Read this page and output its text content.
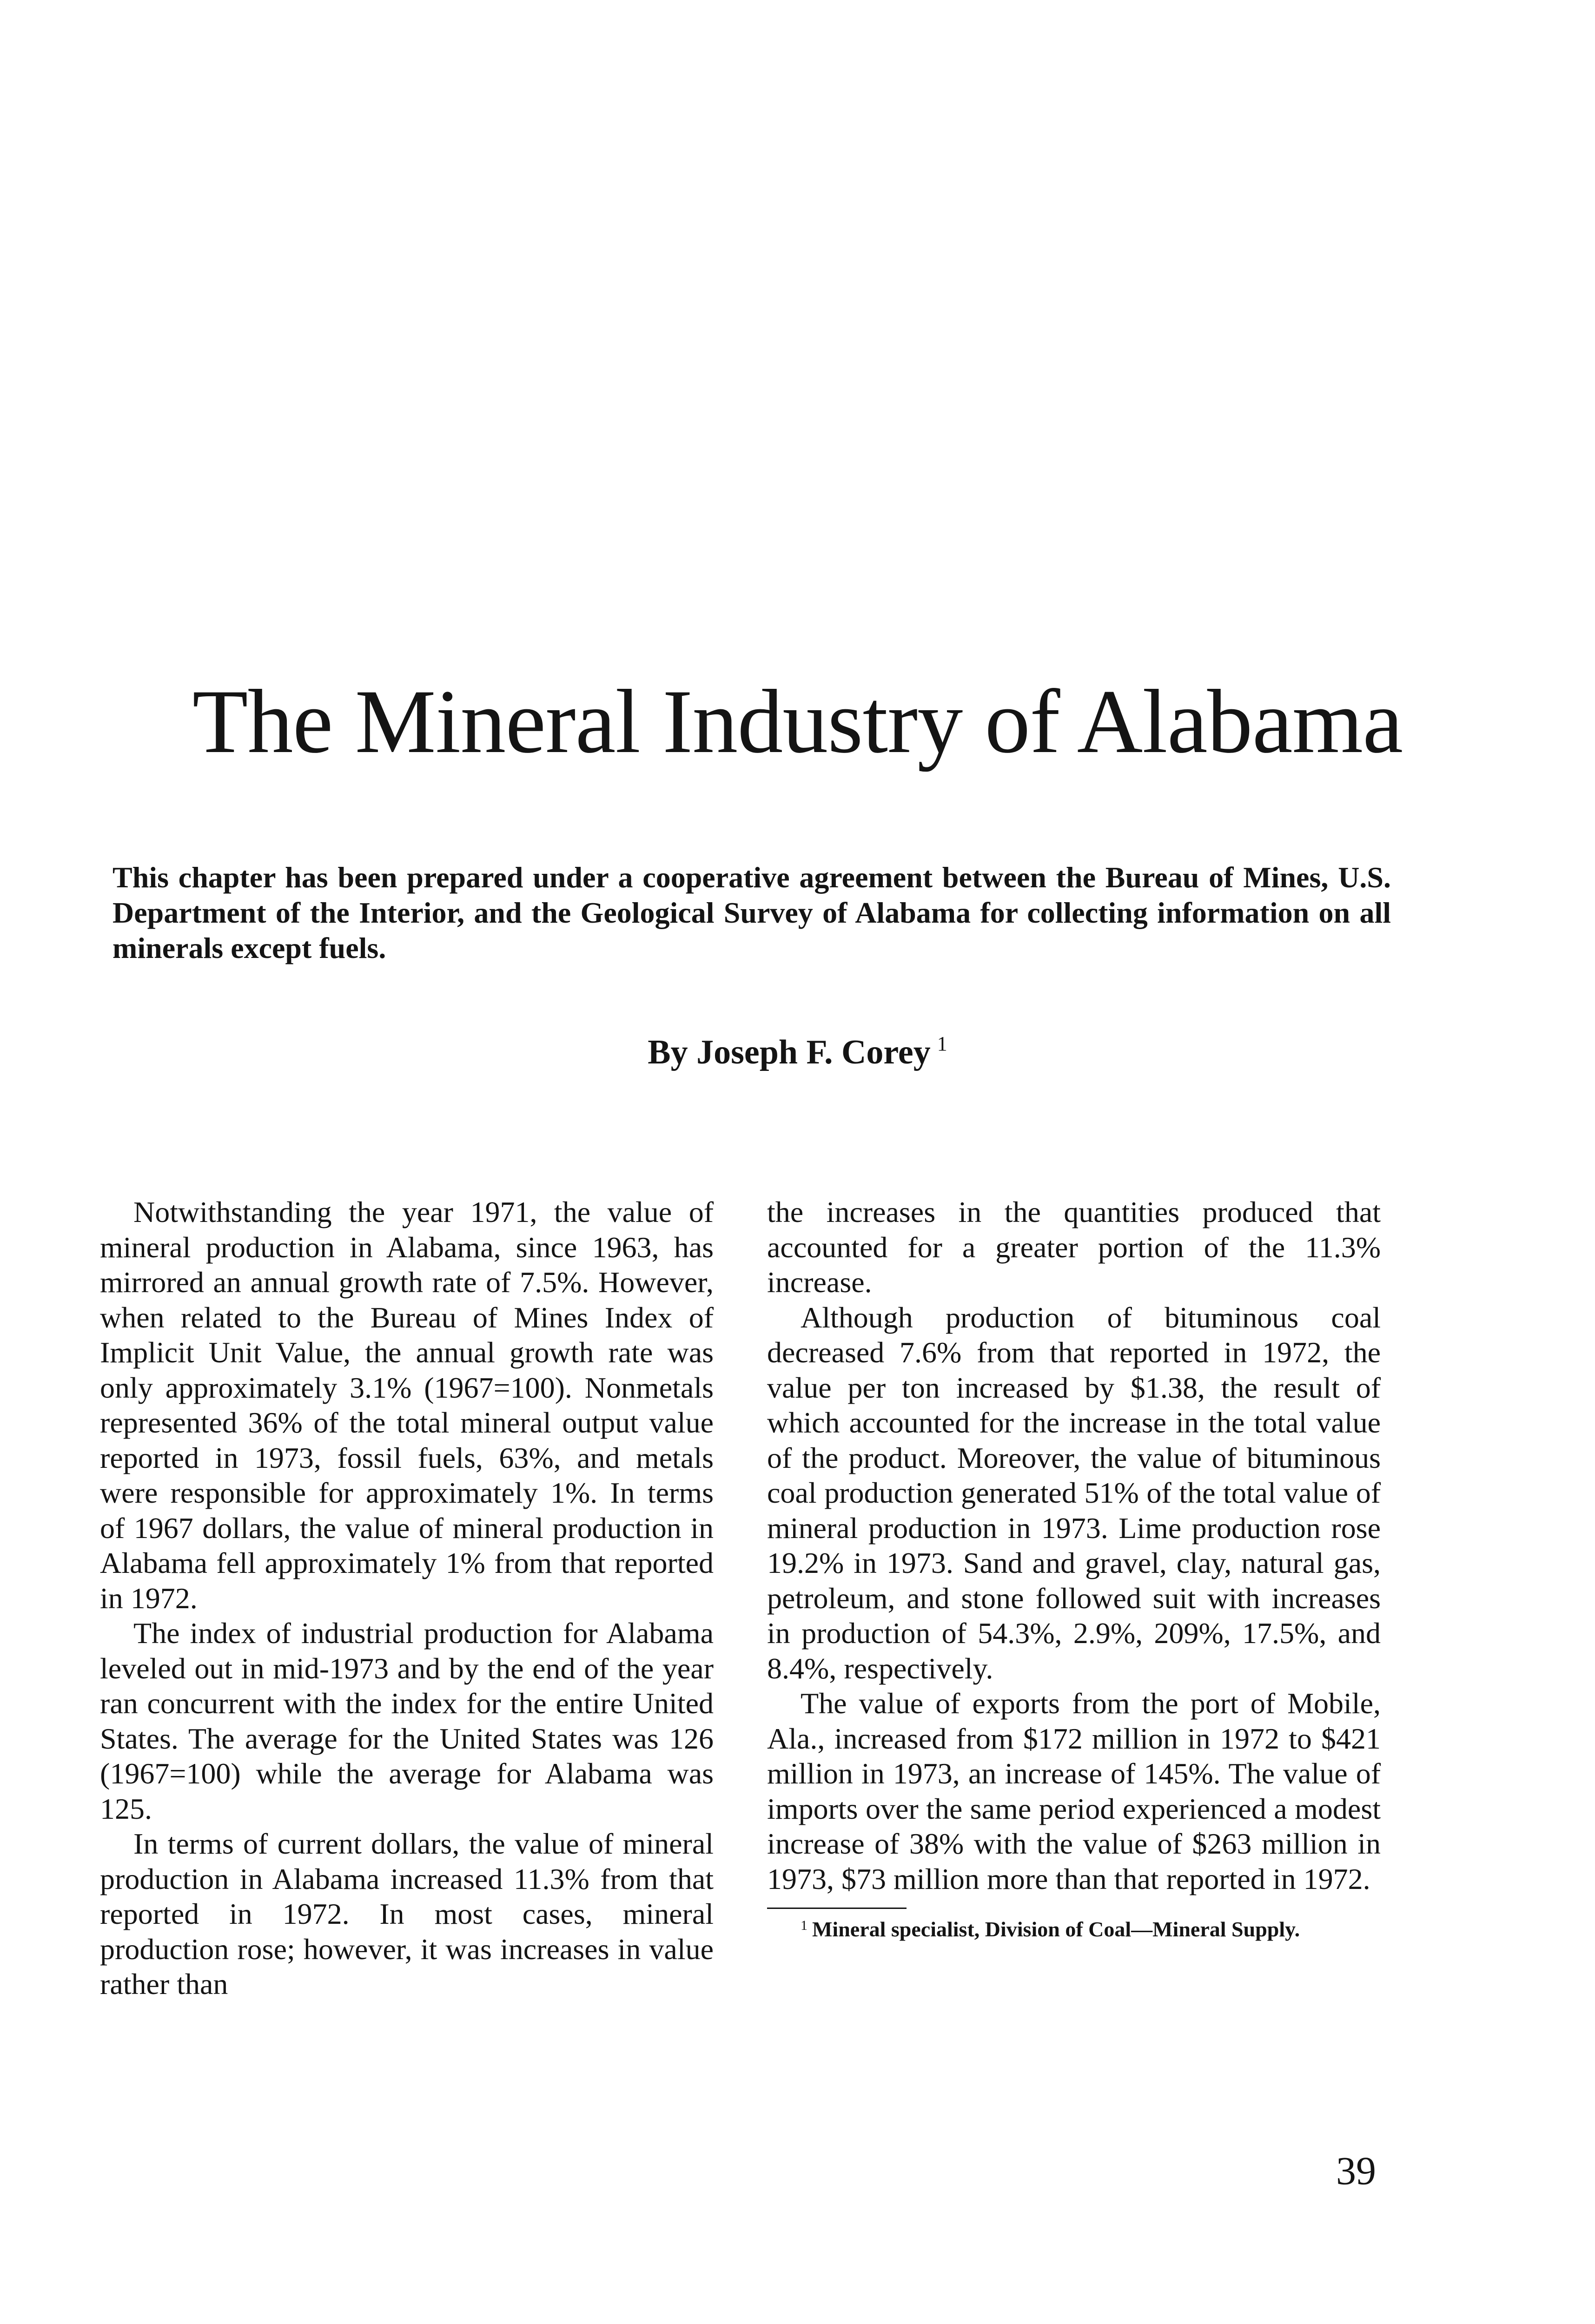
The Mineral Industry of Alabama

This chapter has been prepared under a cooperative agreement between the Bureau of Mines, U.S. Department of the Interior, and the Geological Survey of Alabama for collecting information on all minerals except fuels.

By Joseph F. Corey $^1$

Notwithstanding the year 1971, the value of mineral production in Alabama, since 1963, has mirrored an annual growth rate of 7.5%. However, when related to the Bureau of Mines Index of Implicit Unit Value, the annual growth rate was only approximately 3.1% (1967=100). Nonmetals represented 36% of the total mineral output value reported in 1973, fossil fuels, 63%, and metals were responsible for approximately 1%. In terms of 1967 dollars, the value of mineral production in Alabama fell approximately 1% from that reported in 1972.

The index of industrial production for Alabama leveled out in mid-1973 and by the end of the year ran concurrent with the index for the entire United States. The average for the United States was 126 (1967=100) while the average for Alabama was 125.

In terms of current dollars, the value of mineral production in Alabama increased 11.3% from that reported in 1972. In most cases, mineral production rose; however, it was increases in value rather than

the increases in the quantities produced that accounted for a greater portion of the 11.3% increase.

Although production of bituminous coal decreased 7.6% from that reported in 1972, the value per ton increased by $1.38, the result of which accounted for the increase in the total value of the product. Moreover, the value of bituminous coal production generated 51% of the total value of mineral production in 1973. Lime production rose 19.2% in 1973. Sand and gravel, clay, natural gas, petroleum, and stone followed suit with increases in production of 54.3%, 2.9%, 209%, 17.5%, and 8.4%, respectively.

The value of exports from the port of Mobile, Ala., increased from $172 million in 1972 to $421 million in 1973, an increase of 145%. The value of imports over the same period experienced a modest increase of 38% with the value of $263 million in 1973, $73 million more than that reported in 1972.

$^1$ Mineral specialist, Division of Coal—Mineral Supply.

39
